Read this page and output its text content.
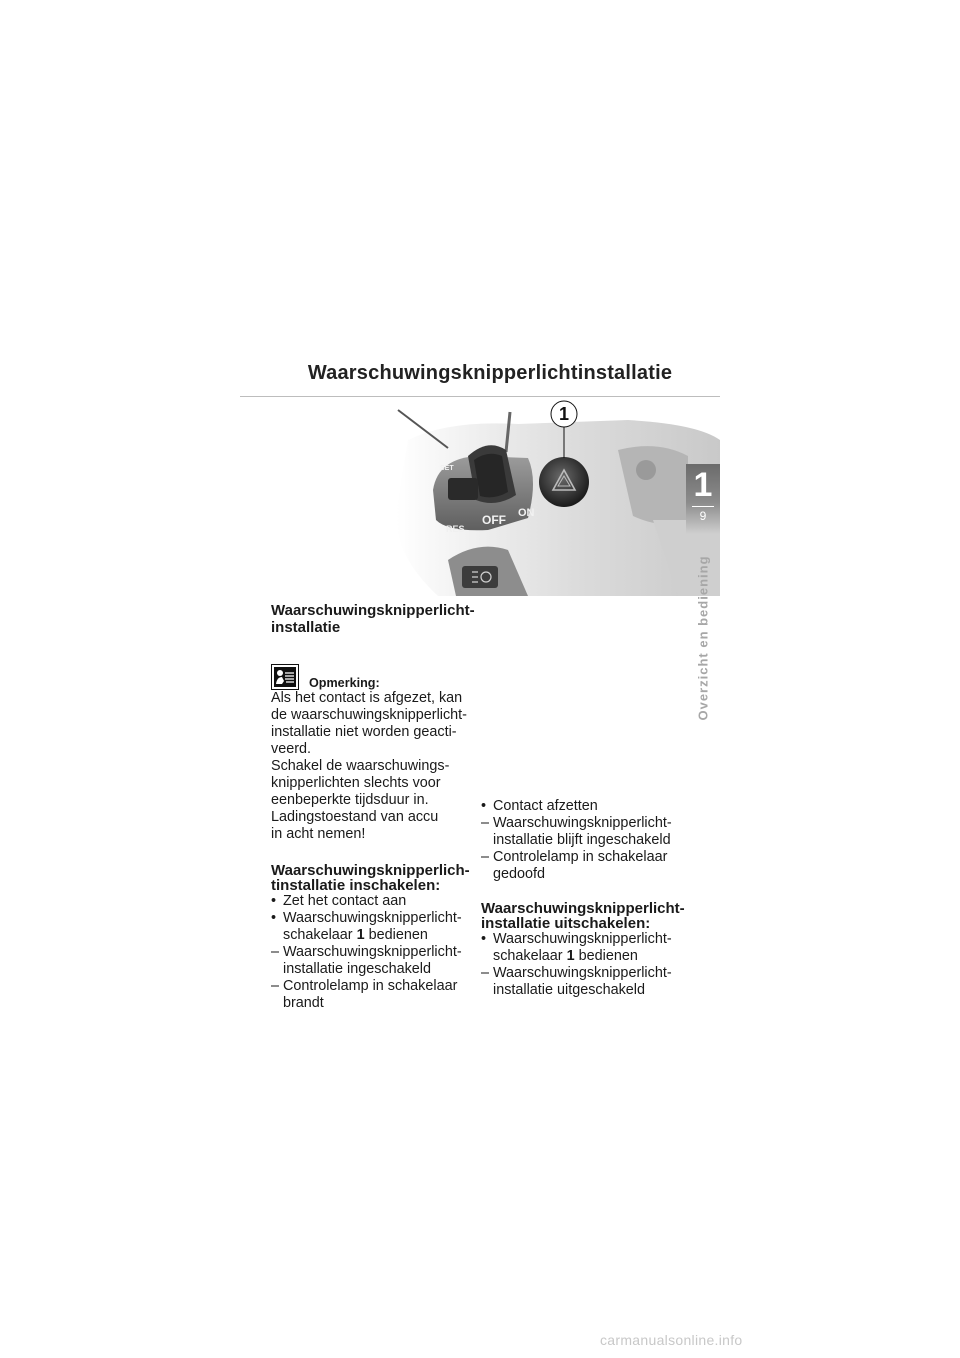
Waarschuwingsknipperlichtinstallatie
SET
RES
OFF ON
1
1
9
Overzicht en bediening
Waarschuwingsknipperlicht-
installatie
Opmerking:

Als het contact is afgezet, kan

de waarschuwingsknipperlicht-

installatie niet worden geacti-

veerd.

Schakel de waarschuwings-

knipperlichten slechts voor

eenbeperkte tijdsduur in.

Ladingstoestand van accu

in acht nemen!

Waarschuwingsknipperlich-
tinstallatie inschakelen:
• Zet het contact aan
• Waarschuwingsknipperlicht-
schakelaar 1 bedienen
– Waarschuwingsknipperlicht-
installatie ingeschakeld
– Controlelamp in schakelaar
brandt
• Contact afzetten
– Waarschuwingsknipperlicht-
installatie blijft ingeschakeld
– Controlelamp in schakelaar
gedoofd
Waarschuwingsknipperlicht-
installatie uitschakelen:
• Waarschuwingsknipperlicht-
schakelaar 1 bedienen
– Waarschuwingsknipperlicht-
installatie uitgeschakeld
carmanualsonline.info
